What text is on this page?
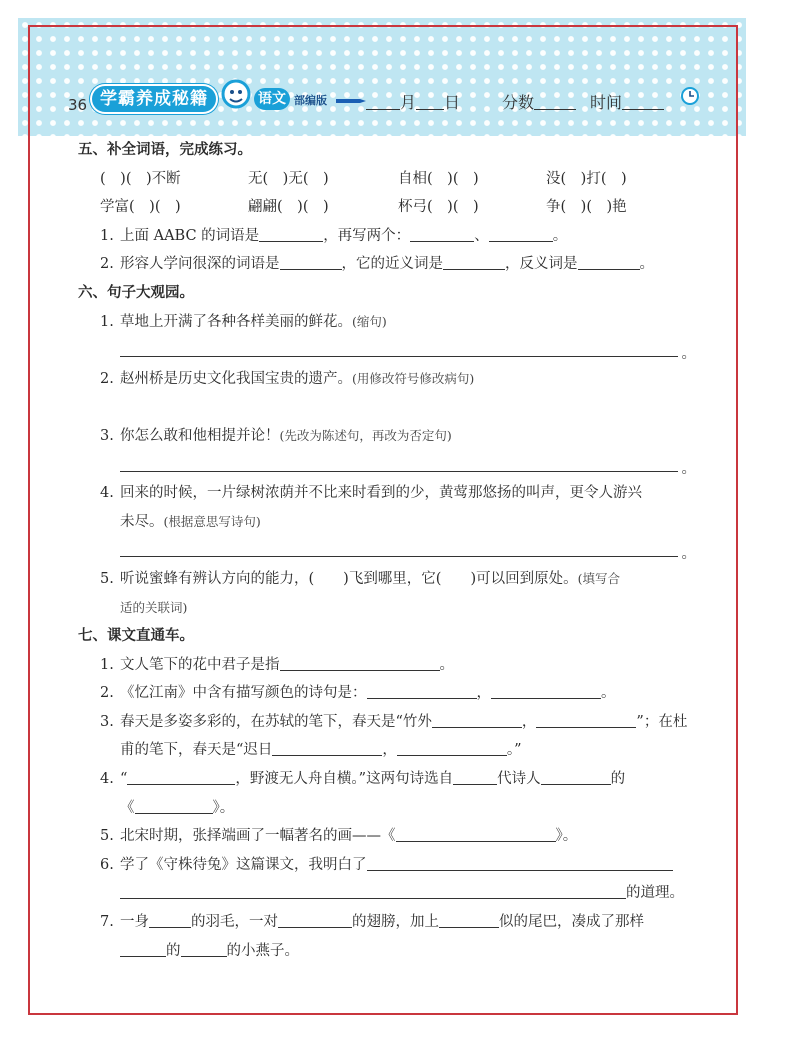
36 学霸养成秘籍	语文 部编版	月 日	分数	时间

五、补全词语，完成练习。

(　)(　)不断	无(　)无(　)	自相(　)(　)	没(　)打(　)
学富(　)(　)	翩翩(　)(　)	杯弓(　)(　)	争(　)(　)艳

1. 上面 AABC 的词语是	，再写两个：	、	。

2. 形容人学问很深的词语是	，它的近义词是	，反义词是	。

六、句子大观园。

1. 草地上开满了各种各样美丽的鲜花。(缩句)

。

2. 赵州桥是历史文化我国宝贵的遗产。(用修改符号修改病句)

3. 你怎么敢和他相提并论！(先改为陈述句，再改为否定句)

。

4. 回来的时候，一片绿树浓荫并不比来时看到的少，黄莺那悠扬的叫声，更令人游兴

未尽。(根据意思写诗句)

。

5. 听说蜜蜂有辨认方向的能力，(　　)飞到哪里，它(　　)可以回到原处。(填写合

适的关联词)

七、课文直通车。

1. 文人笔下的花中君子是指	。

2. 《忆江南》中含有描写颜色的诗句是：	，	。

3. 春天是多姿多彩的，在苏轼的笔下，春天是“竹外	，	”；在杜

甫的笔下，春天是“迟日	，	。”

4. “	，野渡无人舟自横。”这两句诗选自	代诗人	的

《	》。

5. 北宋时期，张择端画了一幅著名的画——《	》。

6. 学了《守株待兔》这篇课文，我明白了

的道理。

7. 一身	的羽毛，一对	的翅膀，加上	似的尾巴，凑成了那样

的	的小燕子。
